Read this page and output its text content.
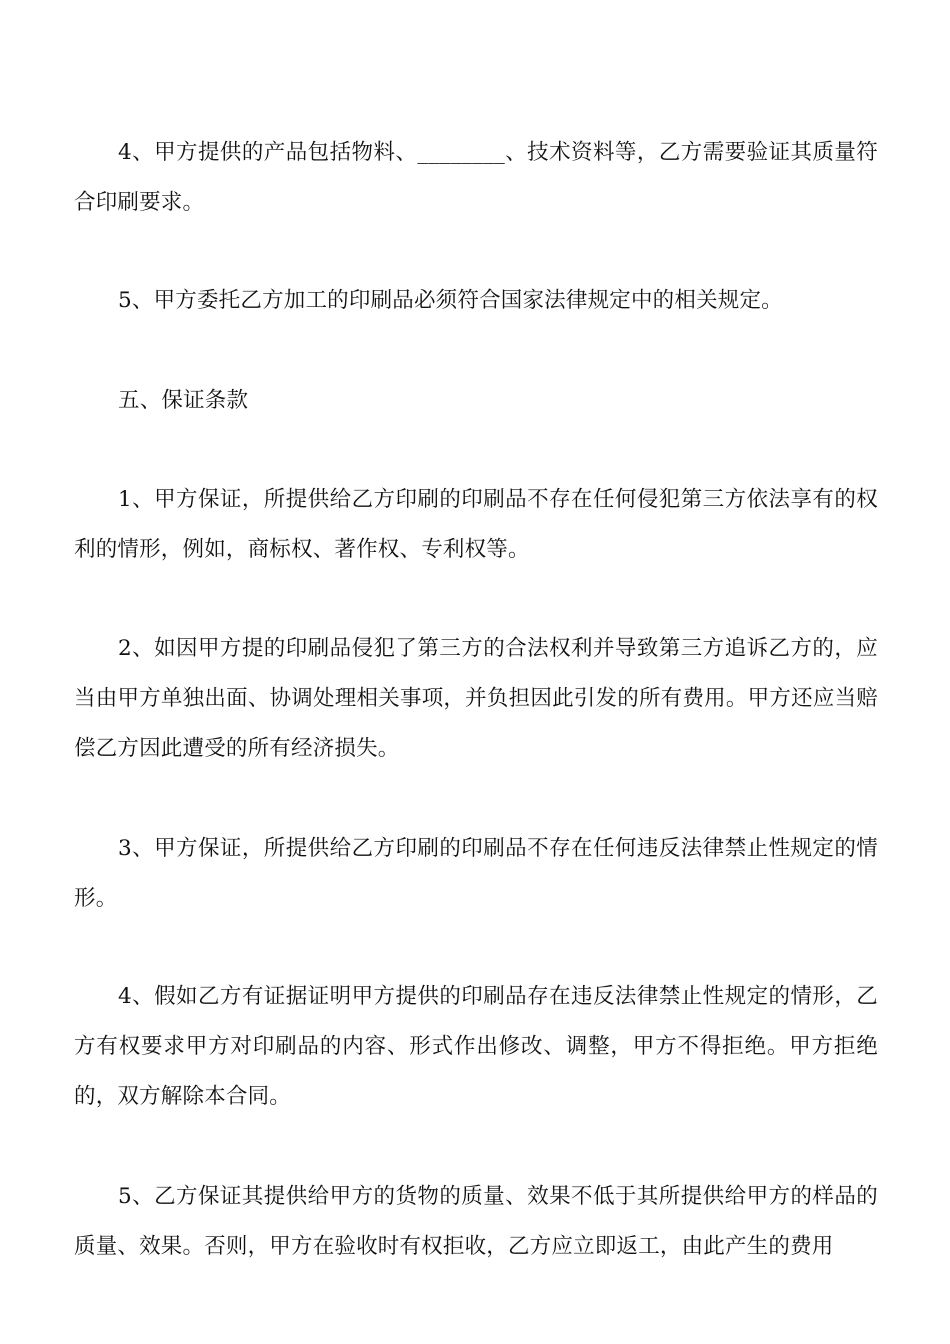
4、甲方提供的产品包括物料、________、技术资料等，乙方需要验证其质量符合印刷要求。

5、甲方委托乙方加工的印刷品必须符合国家法律规定中的相关规定。

五、保证条款

1、甲方保证，所提供给乙方印刷的印刷品不存在任何侵犯第三方依法享有的权利的情形，例如，商标权、著作权、专利权等。

2、如因甲方提的印刷品侵犯了第三方的合法权利并导致第三方追诉乙方的，应当由甲方单独出面、协调处理相关事项，并负担因此引发的所有费用。甲方还应当赔偿乙方因此遭受的所有经济损失。

3、甲方保证，所提供给乙方印刷的印刷品不存在任何违反法律禁止性规定的情形。

4、假如乙方有证据证明甲方提供的印刷品存在违反法律禁止性规定的情形，乙方有权要求甲方对印刷品的内容、形式作出修改、调整，甲方不得拒绝。甲方拒绝的，双方解除本合同。

5、乙方保证其提供给甲方的货物的质量、效果不低于其所提供给甲方的样品的质量、效果。否则，甲方在验收时有权拒收，乙方应立即返工，由此产生的费用
